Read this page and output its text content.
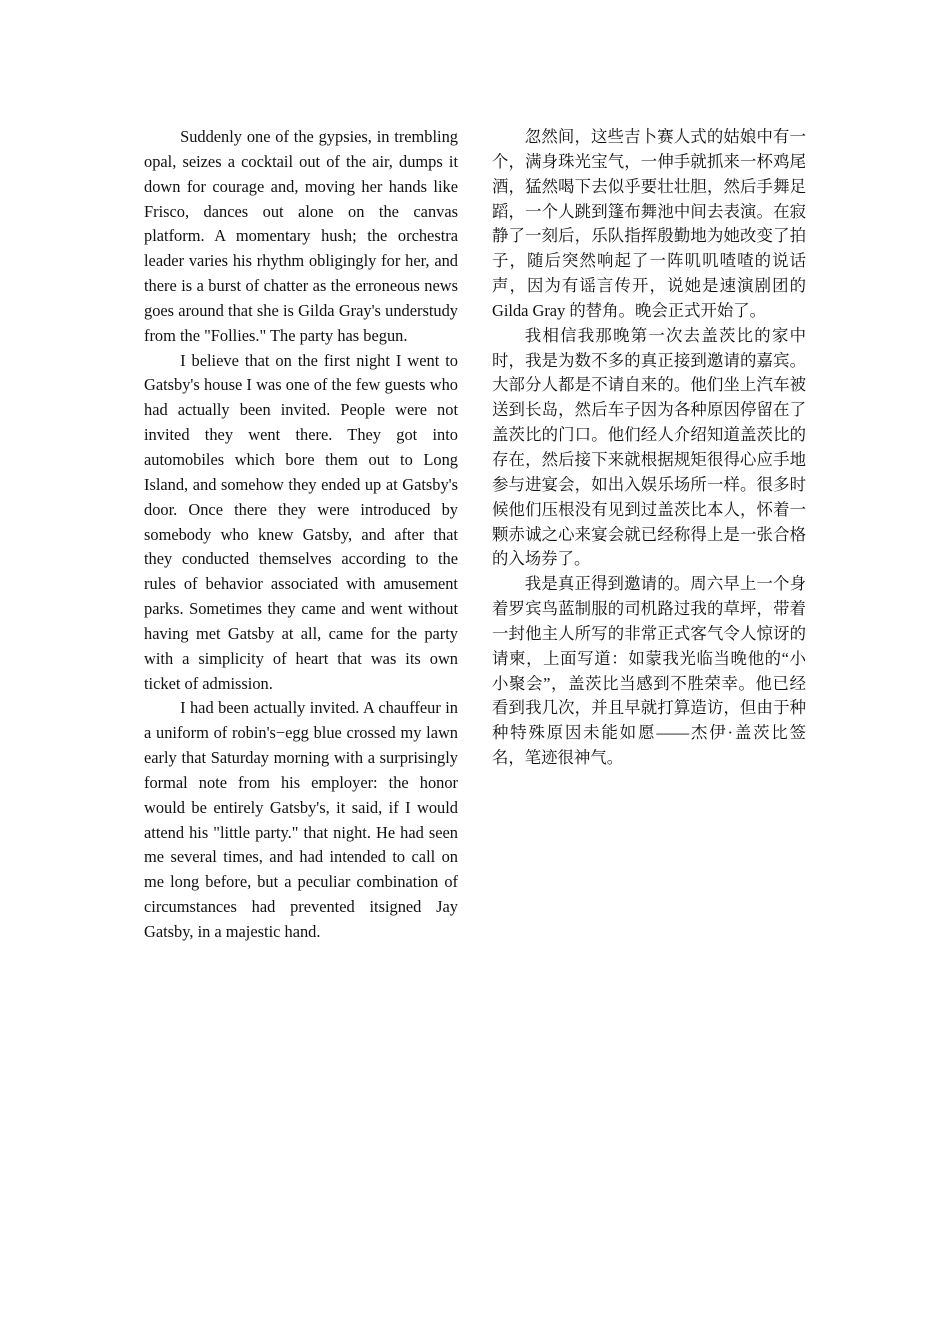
Suddenly one of the gypsies, in trembling opal, seizes a cocktail out of the air, dumps it down for courage and, moving her hands like Frisco, dances out alone on the canvas platform. A momentary hush; the orchestra leader varies his rhythm obligingly for her, and there is a burst of chatter as the erroneous news goes around that she is Gilda Gray's understudy from the "Follies." The party has begun.

I believe that on the first night I went to Gatsby's house I was one of the few guests who had actually been invited. People were not invited they went there. They got into automobiles which bore them out to Long Island, and somehow they ended up at Gatsby's door. Once there they were introduced by somebody who knew Gatsby, and after that they conducted themselves according to the rules of behavior associated with amusement parks. Sometimes they came and went without having met Gatsby at all, came for the party with a simplicity of heart that was its own ticket of admission.

I had been actually invited. A chauffeur in a uniform of robin's−egg blue crossed my lawn early that Saturday morning with a surprisingly formal note from his employer: the honor would be entirely Gatsby's, it said, if I would attend his "little party." that night. He had seen me several times, and had intended to call on me long before, but a peculiar combination of circumstances had prevented itsigned Jay Gatsby, in a majestic hand.

忽然间，这些吉卜赛人式的姑娘中有一个，满身珠光宝气，一伸手就抓来一杯鸡尾酒，猛然喝下去似乎要壮壮胆，然后手舞足蹈，一个人跳到篷布舞池中间去表演。在寂静了一刻后，乐队指挥殷勤地为她改变了拍子，随后突然响起了一阵叽叽喳喳的说话声，因为有谣言传开，说她是速演剧团的 Gilda Gray 的替角。晚会正式开始了。

我相信我那晚第一次去盖茨比的家中时，我是为数不多的真正接到邀请的嘉宾。大部分人都是不请自来的。他们坐上汽车被送到长岛，然后车子因为各种原因停留在了盖茨比的门口。他们经人介绍知道盖茨比的存在，然后接下来就根据规矩很得心应手地参与进宴会，如出入娱乐场所一样。很多时候他们压根没有见到过盖茨比本人，怀着一颗赤诚之心来宴会就已经称得上是一张合格的入场券了。

我是真正得到邀请的。周六早上一个身着罗宾鸟蓝制服的司机路过我的草坪，带着一封他主人所写的非常正式客气令人惊讶的请柬，上面写道：如蒙我光临当晚他的“小小聚会”，盖茨比当感到不胜荣幸。他已经看到我几次，并且早就打算造访，但由于种种特殊原因未能如愿——杰伊·盖茨比签名，笔迹很神气。
